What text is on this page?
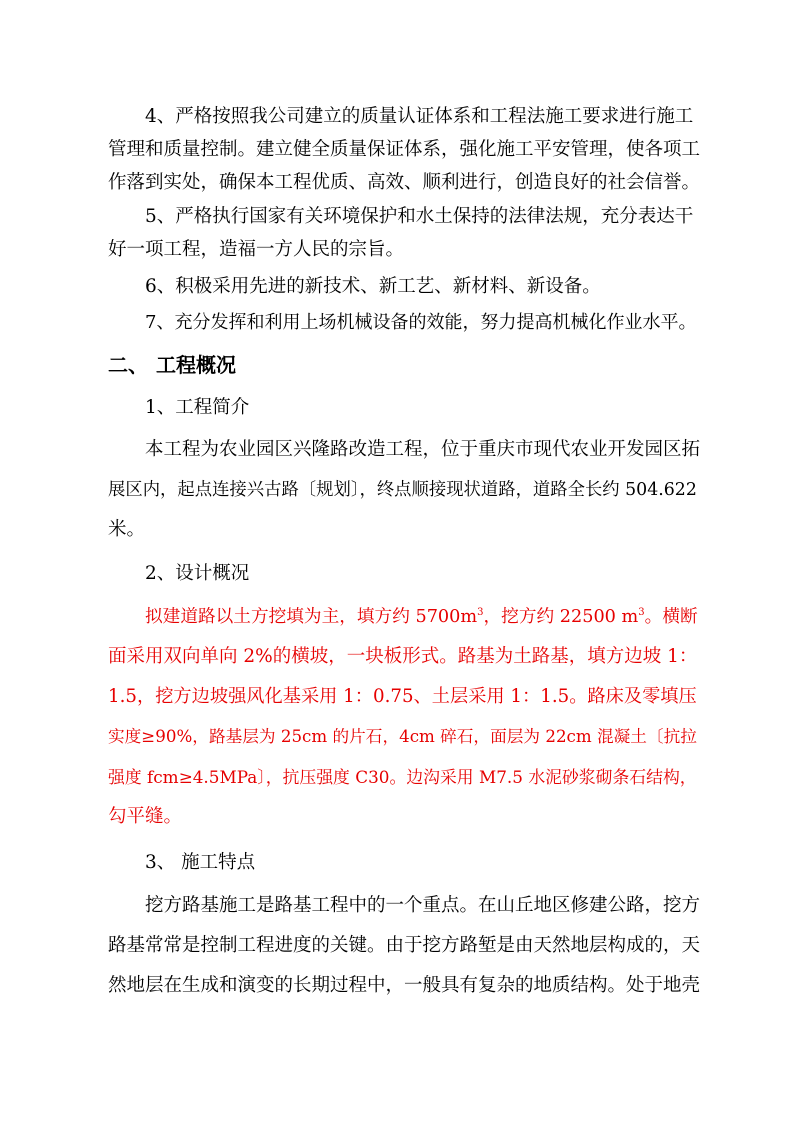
4、严格按照我公司建立的质量认证体系和工程法施工要求进行施工
管理和质量控制。建立健全质量保证体系，强化施工平安管理，使各项工
作落到实处，确保本工程优质、高效、顺利进行，创造良好的社会信誉。
5、严格执行国家有关环境保护和水土保持的法律法规，充分表达干
好一项工程，造福一方人民的宗旨。
6、积极采用先进的新技术、新工艺、新材料、新设备。
7、充分发挥和利用上场机械设备的效能，努力提高机械化作业水平。
二、 工程概况
1、工程简介
本工程为农业园区兴隆路改造工程，位于重庆市现代农业开发园区拓
展区内，起点连接兴古路〔规划〕，终点顺接现状道路，道路全长约 504.622
米。
2、设计概况
拟建道路以土方挖填为主，填方约 $5700m^3$，挖方约 22500 $m^3$。横断
面采用双向单向 2%的横坡，一块板形式。路基为土路基，填方边坡 1：
1.5，挖方边坡强风化基采用 1：0.75、土层采用 1：1.5。路床及零填压
实度≥90%，路基层为 25cm 的片石，4cm 碎石，面层为 22cm 混凝土〔抗拉
强度 fcm≥4.5MPa〕，抗压强度 C30。边沟采用 M7.5 水泥砂浆砌条石结构，
勾平缝。
3、 施工特点
挖方路基施工是路基工程中的一个重点。在山丘地区修建公路，挖方
路基常常是控制工程进度的关键。由于挖方路堑是由天然地层构成的，天
然地层在生成和演变的长期过程中，一般具有复杂的地质结构。处于地壳
